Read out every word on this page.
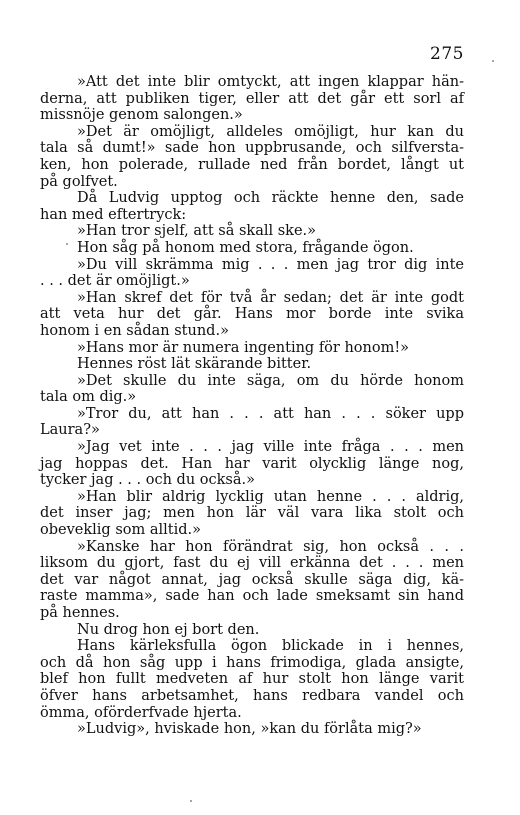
275
»Att det inte blir omtyckt, att ingen klappar hän-
derna, att publiken tiger, eller att det går ett sorl af
missnöje genom salongen.»
»Det är omöjligt, alldeles omöjligt, hur kan du
tala så dumt!» sade hon uppbrusande, och silfversta-
ken, hon polerade, rullade ned från bordet, långt ut
på golfvet.
Då Ludvig upptog och räckte henne den, sade
han med eftertryck:
»Han tror sjelf, att så skall ske.»
Hon såg på honom med stora, frågande ögon.
»Du vill skrämma mig . . . men jag tror dig inte
. . . det är omöjligt.»
»Han skref det för två år sedan; det är inte godt
att veta hur det går. Hans mor borde inte svika
honom i en sådan stund.»
»Hans mor är numera ingenting för honom!»
Hennes röst lät skärande bitter.
»Det skulle du inte säga, om du hörde honom
tala om dig.»
»Tror du, att han . . . att han . . . söker upp
Laura?»
»Jag vet inte . . . jag ville inte fråga . . . men
jag hoppas det. Han har varit olycklig länge nog,
tycker jag . . . och du också.»
»Han blir aldrig lycklig utan henne . . . aldrig,
det inser jag; men hon lär väl vara lika stolt och
obeveklig som alltid.»
»Kanske har hon förändrat sig, hon också . . .
liksom du gjort, fast du ej vill erkänna det . . . men
det var något annat, jag också skulle säga dig, kä-
raste mamma», sade han och lade smeksamt sin hand
på hennes.
Nu drog hon ej bort den.
Hans kärleksfulla ögon blickade in i hennes,
och då hon såg upp i hans frimodiga, glada ansigte,
blef hon fullt medveten af hur stolt hon länge varit
öfver hans arbetsamhet, hans redbara vandel och
ömma, oförderfvade hjerta.
»Ludvig», hviskade hon, »kan du förlåta mig?»
